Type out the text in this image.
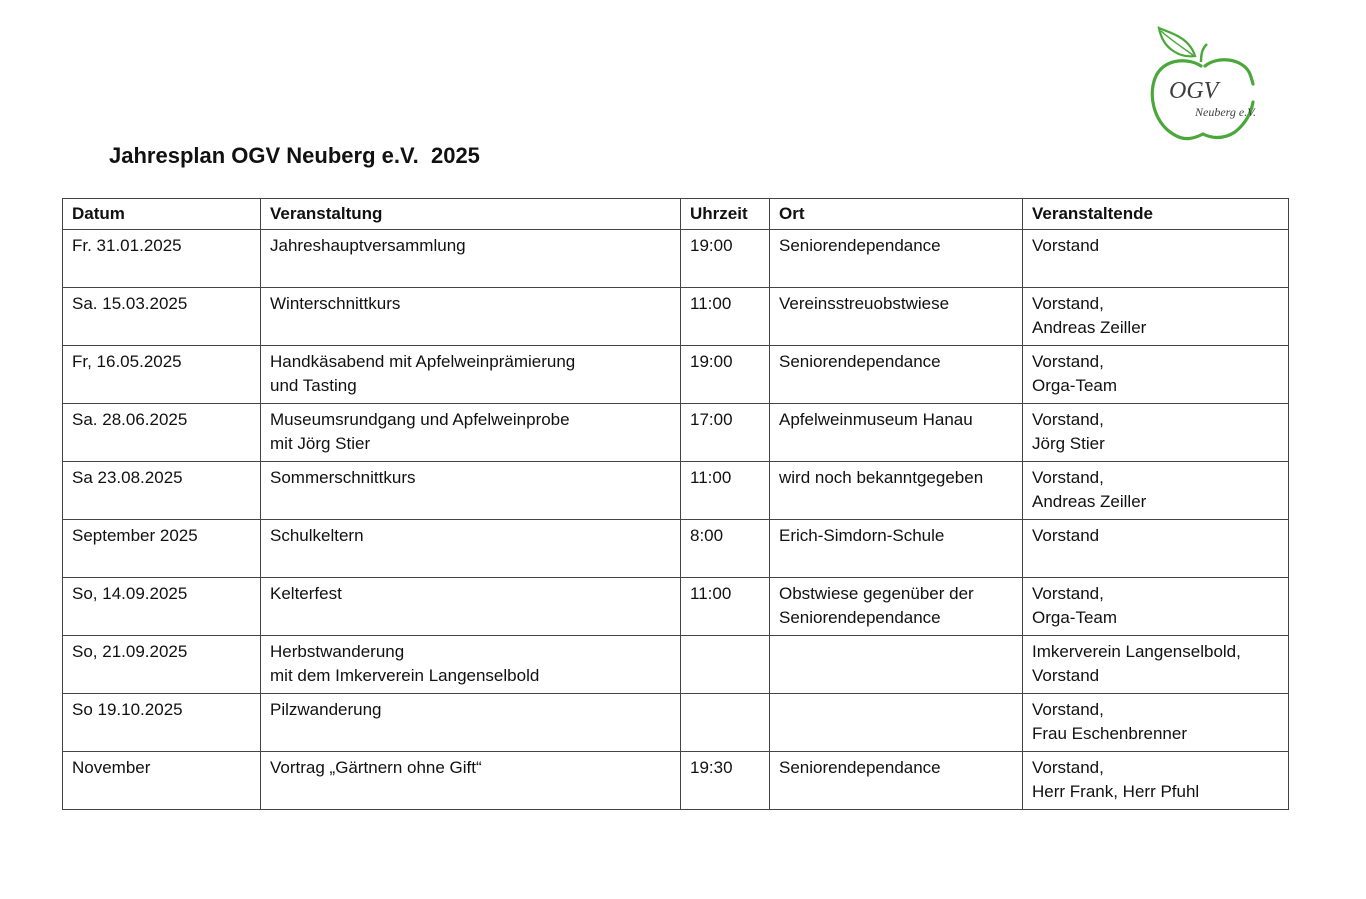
OGV
Neuberg e.V.
Jahresplan OGV Neuberg e.V.  2025
Datum	Veranstaltung	Uhrzeit	Ort	Veranstaltende
Fr. 31.01.2025	Jahreshauptversammlung	19:00	Seniorendependance	Vorstand

Sa. 15.03.2025	Winterschnittkurs	11:00	Vereinsstreuobstwiese	Vorstand,
Andreas Zeiller

Fr, 16.05.2025	Handkäsabend mit Apfelweinprämierung
und Tasting	19:00	Seniorendependance	Vorstand,
Orga-Team

Sa. 28.06.2025	Museumsrundgang und Apfelweinprobe
mit Jörg Stier	17:00	Apfelweinmuseum Hanau	Vorstand,
Jörg Stier

Sa 23.08.2025	Sommerschnittkurs	11:00	wird noch bekanntgegeben	Vorstand,
Andreas Zeiller

September 2025	Schulkeltern	8:00	Erich-Simdorn-Schule	Vorstand

So, 14.09.2025	Kelterfest	11:00	Obstwiese gegenüber der
Seniorendependance	Vorstand,
Orga-Team

So, 21.09.2025	Herbstwanderung
mit dem Imkerverein Langenselbold			Imkerverein Langenselbold,
Vorstand

So 19.10.2025	Pilzwanderung			Vorstand,
Frau Eschenbrenner

November	Vortrag „Gärtnern ohne Gift“	19:30	Seniorendependance	Vorstand,
Herr Frank, Herr Pfuhl
